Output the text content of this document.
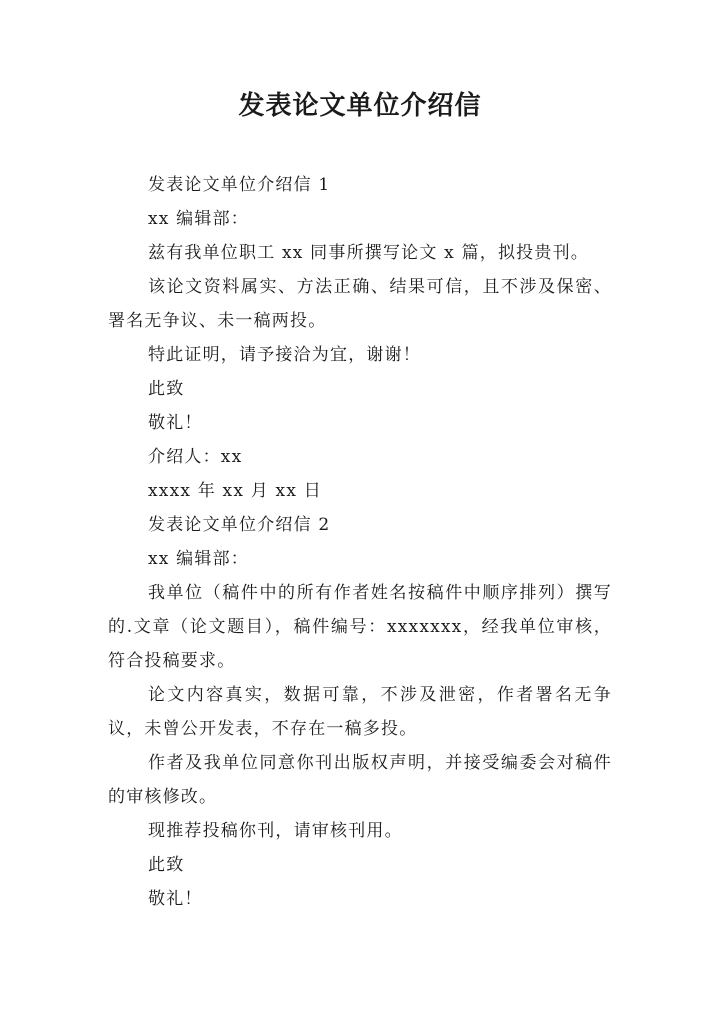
发表论文单位介绍信

发表论文单位介绍信 1

xx 编辑部：

兹有我单位职工 xx 同事所撰写论文 x 篇，拟投贵刊。

该论文资料属实、方法正确、结果可信，且不涉及保密、署名无争议、未一稿两投。

特此证明，请予接洽为宜，谢谢！

此致

敬礼！

介绍人：xx

xxxx 年 xx 月 xx 日

发表论文单位介绍信 2

xx 编辑部：

我单位（稿件中的所有作者姓名按稿件中顺序排列）撰写的.文章（论文题目），稿件编号：xxxxxxx，经我单位审核，符合投稿要求。

论文内容真实，数据可靠，不涉及泄密，作者署名无争议，未曾公开发表，不存在一稿多投。

作者及我单位同意你刊出版权声明，并接受编委会对稿件的审核修改。

现推荐投稿你刊，请审核刊用。

此致

敬礼！
